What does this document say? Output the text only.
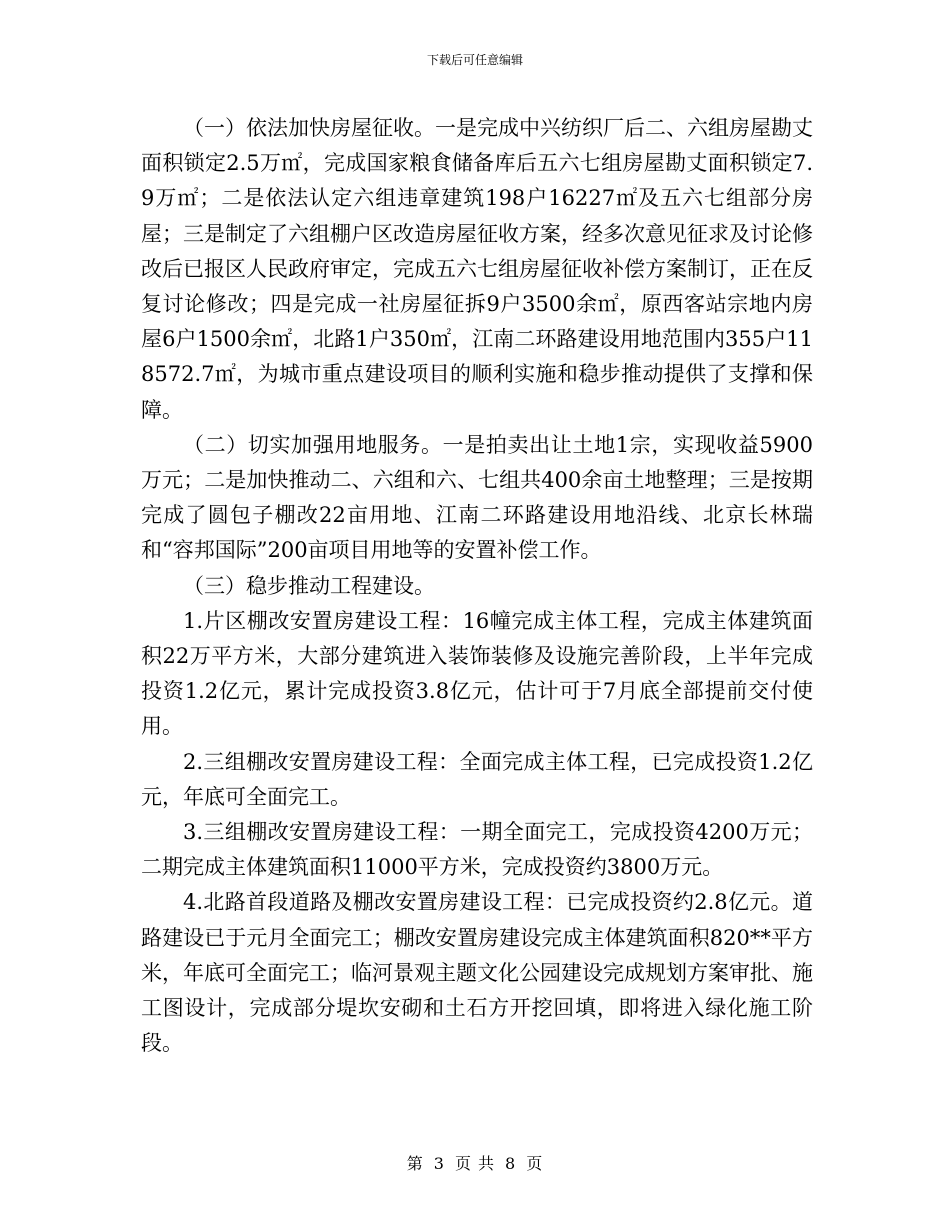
下载后可任意编辑

（一）依法加快房屋征收。一是完成中兴纺织厂后二、六组房屋勘丈面积锁定2.5万㎡，完成国家粮食储备库后五六七组房屋勘丈面积锁定7.9万㎡；二是依法认定六组违章建筑198户16227㎡及五六七组部分房屋；三是制定了六组棚户区改造房屋征收方案，经多次意见征求及讨论修改后已报区人民政府审定，完成五六七组房屋征收补偿方案制订，正在反复讨论修改；四是完成一社房屋征拆9户3500余㎡，原西客站宗地内房屋6户1500余㎡，北路1户350㎡，江南二环路建设用地范围内355户118572.7㎡，为城市重点建设项目的顺利实施和稳步推动提供了支撑和保障。

（二）切实加强用地服务。一是拍卖出让土地1宗，实现收益5900万元；二是加快推动二、六组和六、七组共400余亩土地整理；三是按期完成了圆包子棚改22亩用地、江南二环路建设用地沿线、北京长林瑞和“容邦国际”200亩项目用地等的安置补偿工作。

（三）稳步推动工程建设。

1.片区棚改安置房建设工程：16幢完成主体工程，完成主体建筑面积22万平方米，大部分建筑进入装饰装修及设施完善阶段，上半年完成投资1.2亿元，累计完成投资3.8亿元，估计可于7月底全部提前交付使用。

2.三组棚改安置房建设工程：全面完成主体工程，已完成投资1.2亿元，年底可全面完工。

3.三组棚改安置房建设工程：一期全面完工，完成投资4200万元；二期完成主体建筑面积11000平方米，完成投资约3800万元。

4.北路首段道路及棚改安置房建设工程：已完成投资约2.8亿元。道路建设已于元月全面完工；棚改安置房建设完成主体建筑面积820**平方米，年底可全面完工；临河景观主题文化公园建设完成规划方案审批、施工图设计，完成部分堤坎安砌和土石方开挖回填，即将进入绿化施工阶段。

第 3 页 共 8 页
